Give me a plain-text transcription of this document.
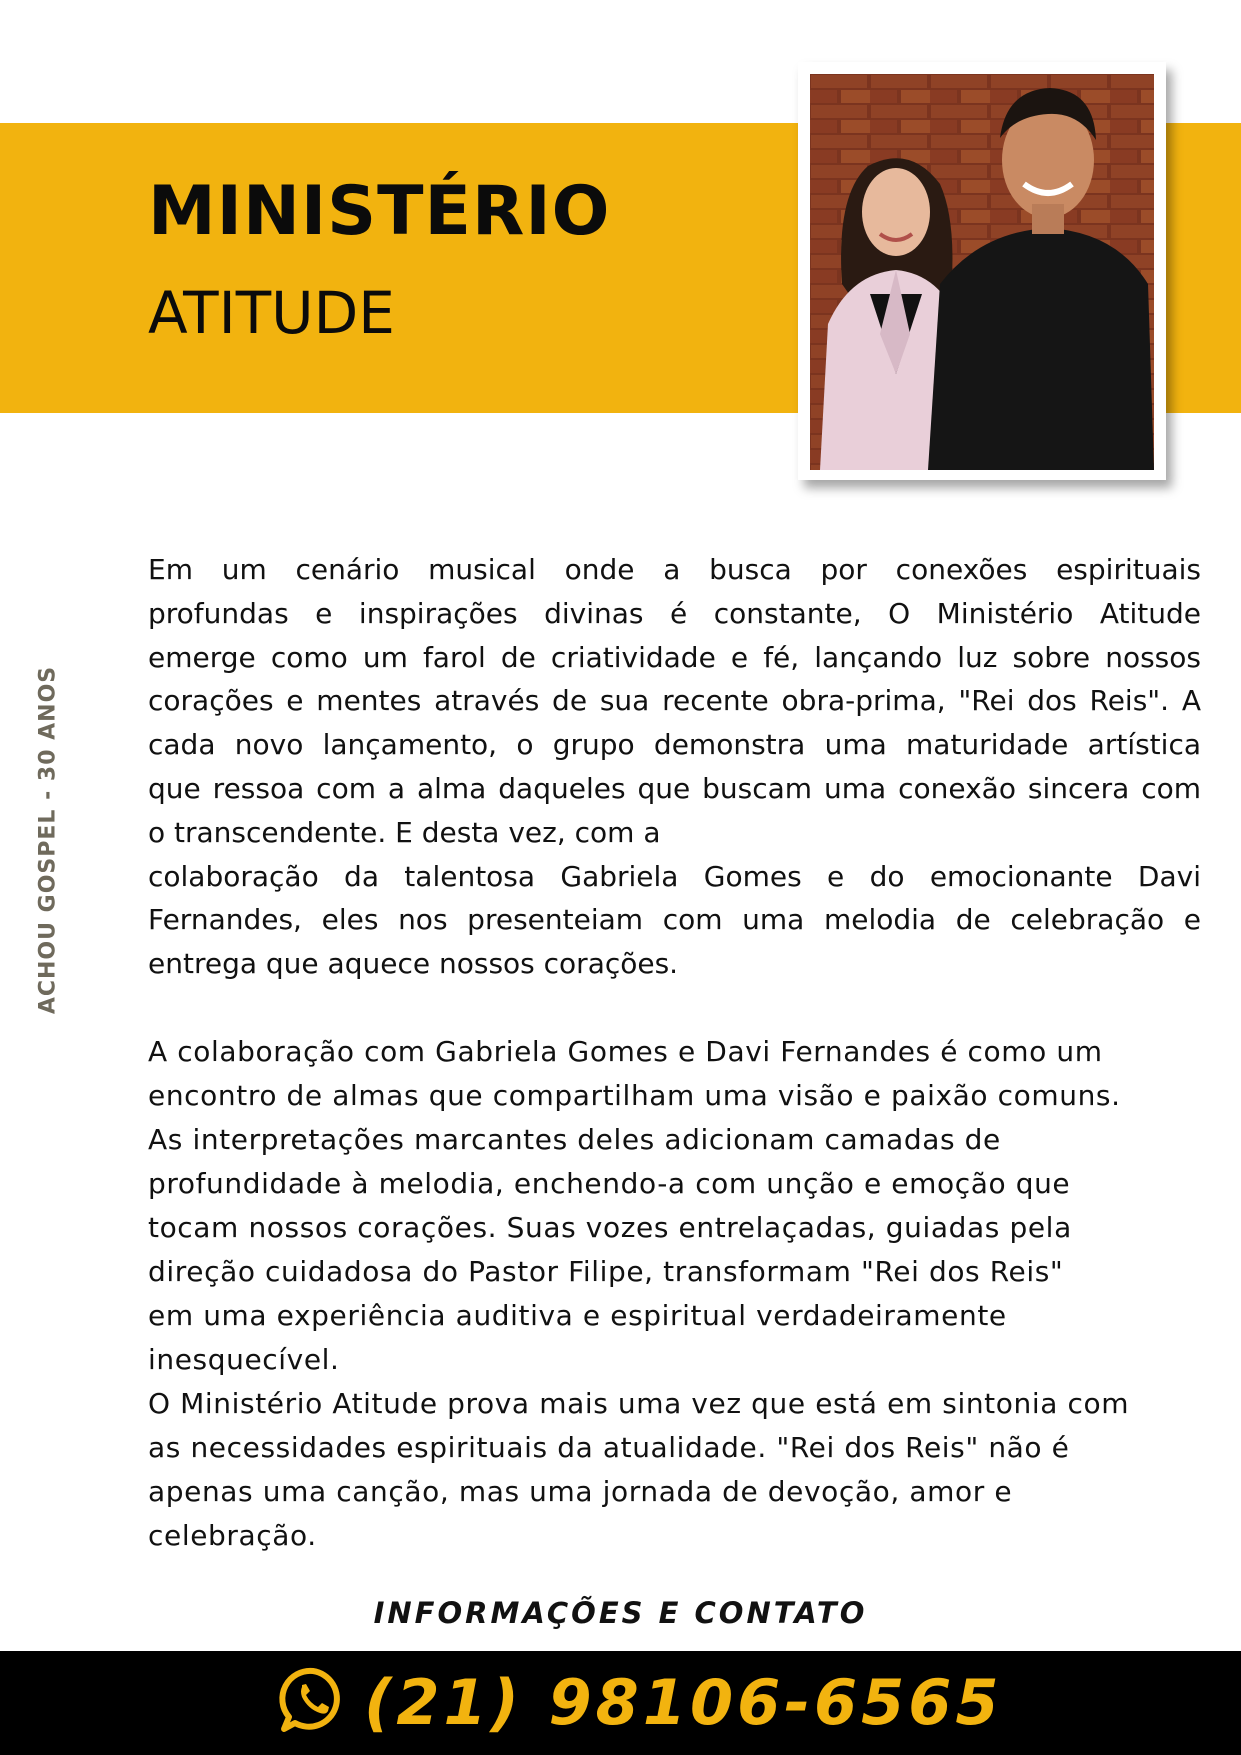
MINISTÉRIO
ATITUDE
ACHOU GOSPEL - 30 ANOS
Em um cenário musical onde a busca por conexões espirituais
profundas e inspirações divinas é constante, O Ministério Atitude
emerge como um farol de criatividade e fé, lançando luz sobre nossos
corações e mentes através de sua recente obra-prima, "Rei dos Reis". A
cada novo lançamento, o grupo demonstra uma maturidade artística
que ressoa com a alma daqueles que buscam uma conexão sincera com
o transcendente. E desta vez, com a
colaboração da talentosa Gabriela Gomes e do emocionante Davi
Fernandes, eles nos presenteiam com uma melodia de celebração e
entrega que aquece nossos corações.
A colaboração com Gabriela Gomes e Davi Fernandes é como um
encontro de almas que compartilham uma visão e paixão comuns.
As interpretações marcantes deles adicionam camadas de
profundidade à melodia, enchendo-a com unção e emoção que
tocam nossos corações. Suas vozes entrelaçadas, guiadas pela
direção cuidadosa do Pastor Filipe, transformam "Rei dos Reis"
em uma experiência auditiva e espiritual verdadeiramente
inesquecível.
O Ministério Atitude prova mais uma vez que está em sintonia com
as necessidades espirituais da atualidade. "Rei dos Reis" não é
apenas uma canção, mas uma jornada de devoção, amor e
celebração.
INFORMAÇÕES E CONTATO
(21) 98106-6565
